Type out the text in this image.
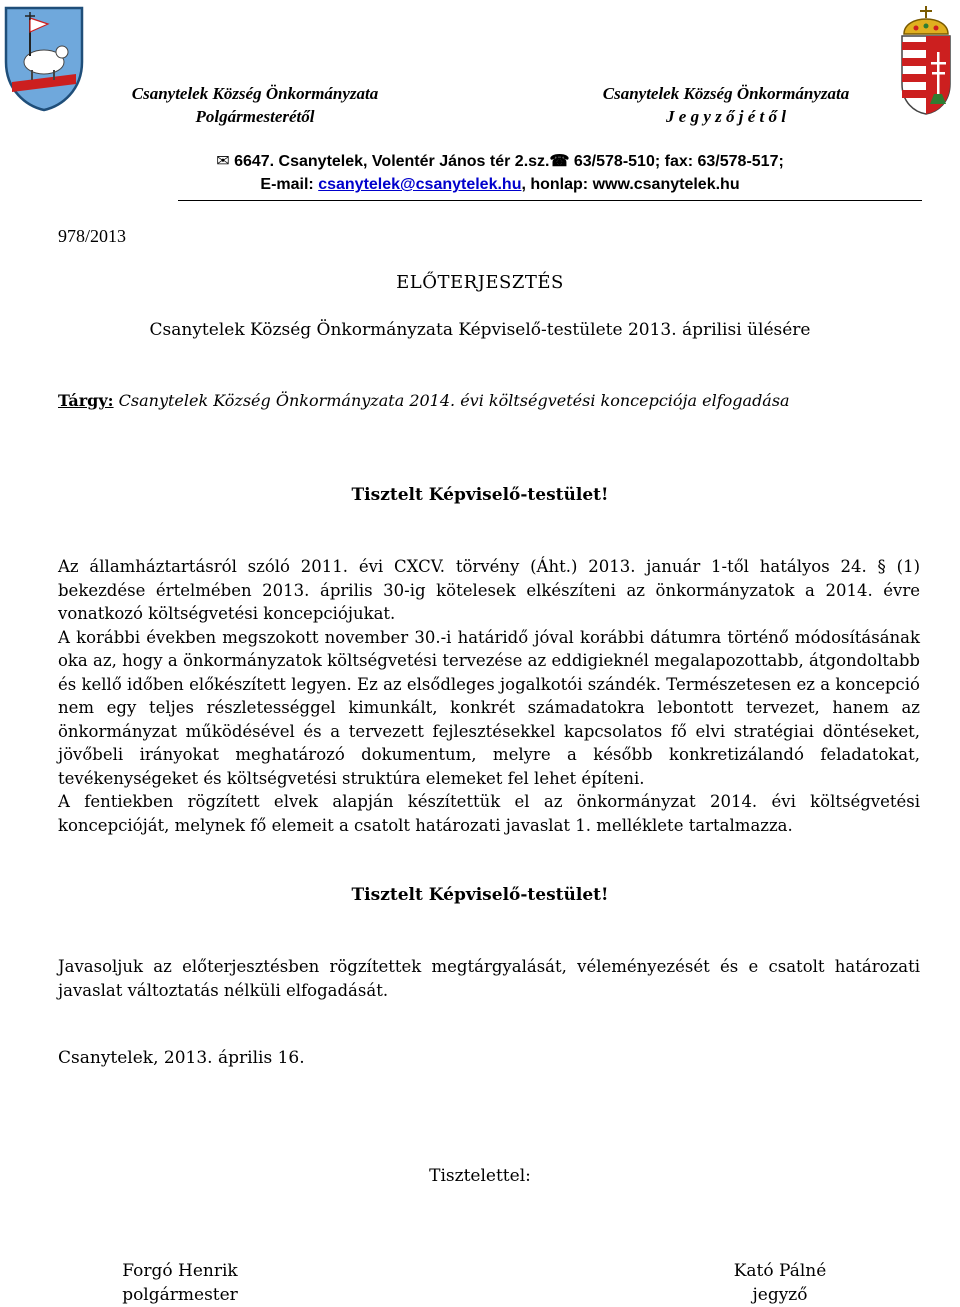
Csanytelek Község Önkormányzata
Polgármesterétől
Csanytelek Község Önkormányzata
J e g y z ő j é t ő l
✉ 6647. Csanytelek, Volentér János tér 2.sz.☎ 63/578-510; fax: 63/578-517;
E-mail: csanytelek@csanytelek.hu, honlap: www.csanytelek.hu
978/2013
ELŐTERJESZTÉS
Csanytelek Község Önkormányzata Képviselő-testülete 2013. áprilisi ülésére
Tárgy: Csanytelek Község Önkormányzata 2014. évi költségvetési koncepciója elfogadása
Tisztelt Képviselő-testület!

Az államháztartásról szóló 2011. évi CXCV. törvény (Áht.) 2013. január 1-től hatályos 24. § (1) bekezdése értelmében 2013. április 30-ig kötelesek elkészíteni az önkormányzatok a 2014. évre vonatkozó költségvetési koncepciójukat.

A korábbi években megszokott november 30.-i határidő jóval korábbi dátumra történő módosításának oka az, hogy a önkormányzatok költségvetési tervezése az eddigieknél megalapozottabb, átgondoltabb és kellő időben előkészített legyen. Ez az elsődleges jogalkotói szándék. Természetesen ez a koncepció nem egy teljes részletességgel kimunkált, konkrét számadatokra lebontott tervezet, hanem az önkormányzat működésével és a tervezett fejlesztésekkel kapcsolatos fő elvi stratégiai döntéseket, jövőbeli irányokat meghatározó dokumentum, melyre a később konkretizálandó feladatokat, tevékenységeket és költségvetési struktúra elemeket fel lehet építeni.

A fentiekben rögzített elvek alapján készítettük el az önkormányzat 2014. évi költségvetési koncepcióját, melynek fő elemeit a csatolt határozati javaslat 1. melléklete tartalmazza.

Tisztelt Képviselő-testület!

Javasoljuk az előterjesztésben rögzítettek megtárgyalását, véleményezését és e csatolt határozati javaslat változtatás nélküli elfogadását.

Csanytelek, 2013. április 16.
Tisztelettel:
Forgó Henrik
polgármester
Kató Pálné
jegyző
